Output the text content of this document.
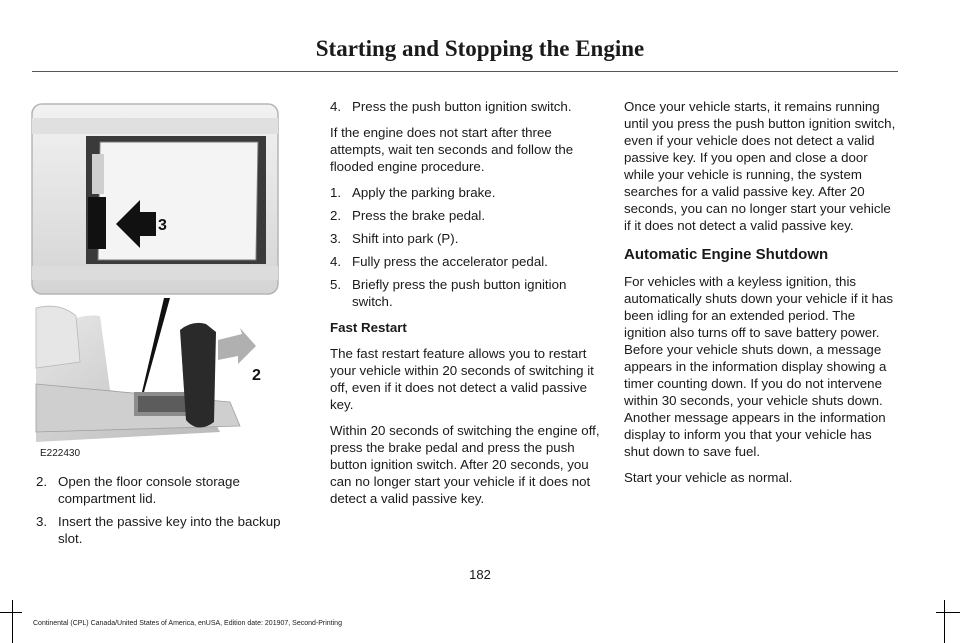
Starting and Stopping the Engine
3
2
E222430
2. Open the floor console storage compartment lid.
3. Insert the passive key into the backup slot.
4. Press the push button ignition switch.

If the engine does not start after three attempts, wait ten seconds and follow the flooded engine procedure.

1. Apply the parking brake.
2. Press the brake pedal.
3. Shift into park (P).
4. Fully press the accelerator pedal.
5. Briefly press the push button ignition switch.

Fast Restart

The fast restart feature allows you to restart your vehicle within 20 seconds of switching it off, even if it does not detect a valid passive key.

Within 20 seconds of switching the engine off, press the brake pedal and press the push button ignition switch. After 20 seconds, you can no longer start your vehicle if it does not detect a valid passive key.

Once your vehicle starts, it remains running until you press the push button ignition switch, even if your vehicle does not detect a valid passive key. If you open and close a door while your vehicle is running, the system searches for a valid passive key. After 20 seconds, you can no longer start your vehicle if it does not detect a valid passive key.

Automatic Engine Shutdown

For vehicles with a keyless ignition, this automatically shuts down your vehicle if it has been idling for an extended period. The ignition also turns off to save battery power. Before your vehicle shuts down, a message appears in the information display showing a timer counting down. If you do not intervene within 30 seconds, your vehicle shuts down. Another message appears in the information display to inform you that your vehicle has shut down to save fuel.

Start your vehicle as normal.

182
Continental (CPL) Canada/United States of America, enUSA, Edition date: 201907, Second-Printing
